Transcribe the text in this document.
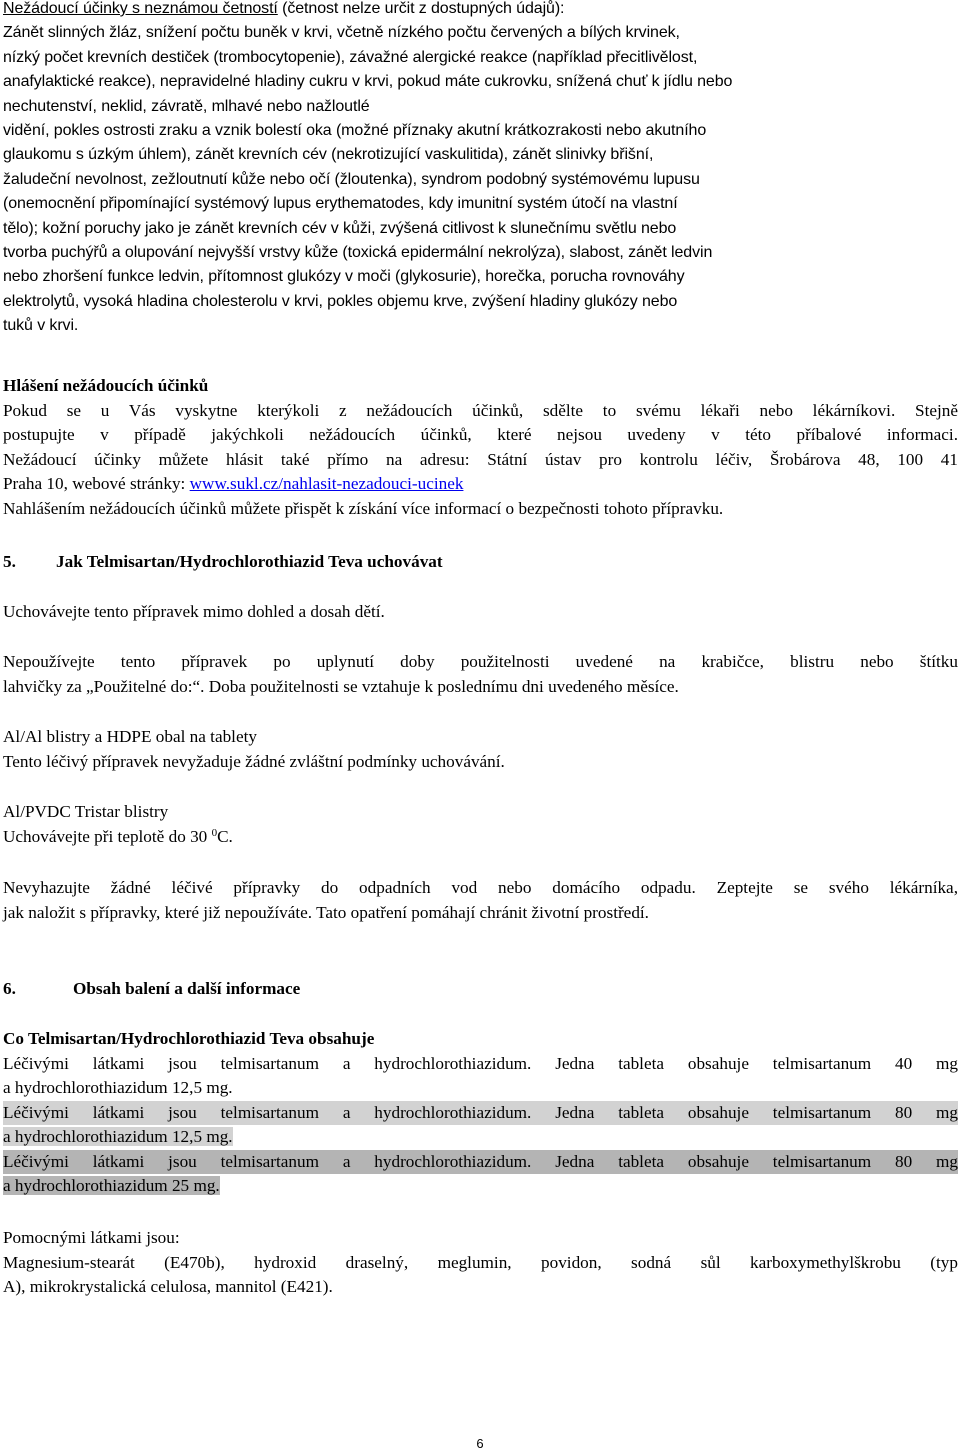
Nežádoucí účinky s neznámou četností (četnost nelze určit z dostupných údajů):
Zánět slinných žláz, snížení počtu buněk v krvi, včetně nízkého počtu červených a bílých krvinek,
nízký počet krevních destiček (trombocytopenie), závažné alergické reakce (například přecitlivělost,
anafylaktické reakce), nepravidelné hladiny cukru v krvi, pokud máte cukrovku, snížená chuť k jídlu nebo
nechutenství, neklid, závratě, mlhavé nebo nažloutlé
vidění, pokles ostrosti zraku a vznik bolestí oka (možné příznaky akutní krátkozrakosti nebo akutního
glaukomu s úzkým úhlem), zánět krevních cév (nekrotizující vaskulitida), zánět slinivky břišní,
žaludeční nevolnost, zežloutnutí kůže nebo očí (žloutenka), syndrom podobný systémovému lupusu
(onemocnění připomínající systémový lupus erythematodes, kdy imunitní systém útočí na vlastní
tělo); kožní poruchy jako je zánět krevních cév v kůži, zvýšená citlivost k slunečnímu světlu nebo
tvorba puchýřů a olupování nejvyšší vrstvy kůže (toxická epidermální nekrolýza), slabost, zánět ledvin
nebo zhoršení funkce ledvin, přítomnost glukózy v moči (glykosurie), horečka, porucha rovnováhy
elektrolytů, vysoká hladina cholesterolu v krvi, pokles objemu krve, zvýšení hladiny glukózy nebo
tuků v krvi.
Hlášení nežádoucích účinků
Pokud se u Vás vyskytne kterýkoli z nežádoucích účinků, sdělte to svému lékaři nebo lékárníkovi. Stejně
postupujte v případě jakýchkoli nežádoucích účinků, které nejsou uvedeny v této příbalové informaci.
Nežádoucí účinky můžete hlásit také přímo na adresu: Státní ústav pro kontrolu léčiv, Šrobárova 48, 100 41
Praha 10, webové stránky: www.sukl.cz/nahlasit-nezadouci-ucinek
Nahlášením nežádoucích účinků můžete přispět k získání více informací o bezpečnosti tohoto přípravku.
5. Jak Telmisartan/Hydrochlorothiazid Teva uchovávat
Uchovávejte tento přípravek mimo dohled a dosah dětí.
Nepoužívejte tento přípravek po uplynutí doby použitelnosti uvedené na krabičce, blistru nebo štítku
lahvičky za „Použitelné do:“. Doba použitelnosti se vztahuje k poslednímu dni uvedeného měsíce.
Al/Al blistry a HDPE obal na tablety
Tento léčivý přípravek nevyžaduje žádné zvláštní podmínky uchovávání.
Al/PVDC Tristar blistry
Uchovávejte při teplotě do 30 $^0$C.
Nevyhazujte žádné léčivé přípravky do odpadních vod nebo domácího odpadu. Zeptejte se svého lékárníka,
jak naložit s přípravky, které již nepoužíváte. Tato opatření pomáhají chránit životní prostředí.
6.	Obsah balení a další informace
Co Telmisartan/Hydrochlorothiazid Teva obsahuje
Léčivými látkami jsou telmisartanum a hydrochlorothiazidum. Jedna tableta obsahuje telmisartanum 40 mg
a hydrochlorothiazidum 12,5 mg.
Léčivými látkami jsou telmisartanum a hydrochlorothiazidum. Jedna tableta obsahuje telmisartanum 80 mg
a hydrochlorothiazidum 12,5 mg.
Léčivými látkami jsou telmisartanum a hydrochlorothiazidum. Jedna tableta obsahuje telmisartanum 80 mg
a hydrochlorothiazidum 25 mg.
Pomocnými látkami jsou:
Magnesium-stearát (E470b), hydroxid draselný, meglumin, povidon, sodná sůl karboxymethylškrobu (typ
A), mikrokrystalická celulosa, mannitol (E421).
6
